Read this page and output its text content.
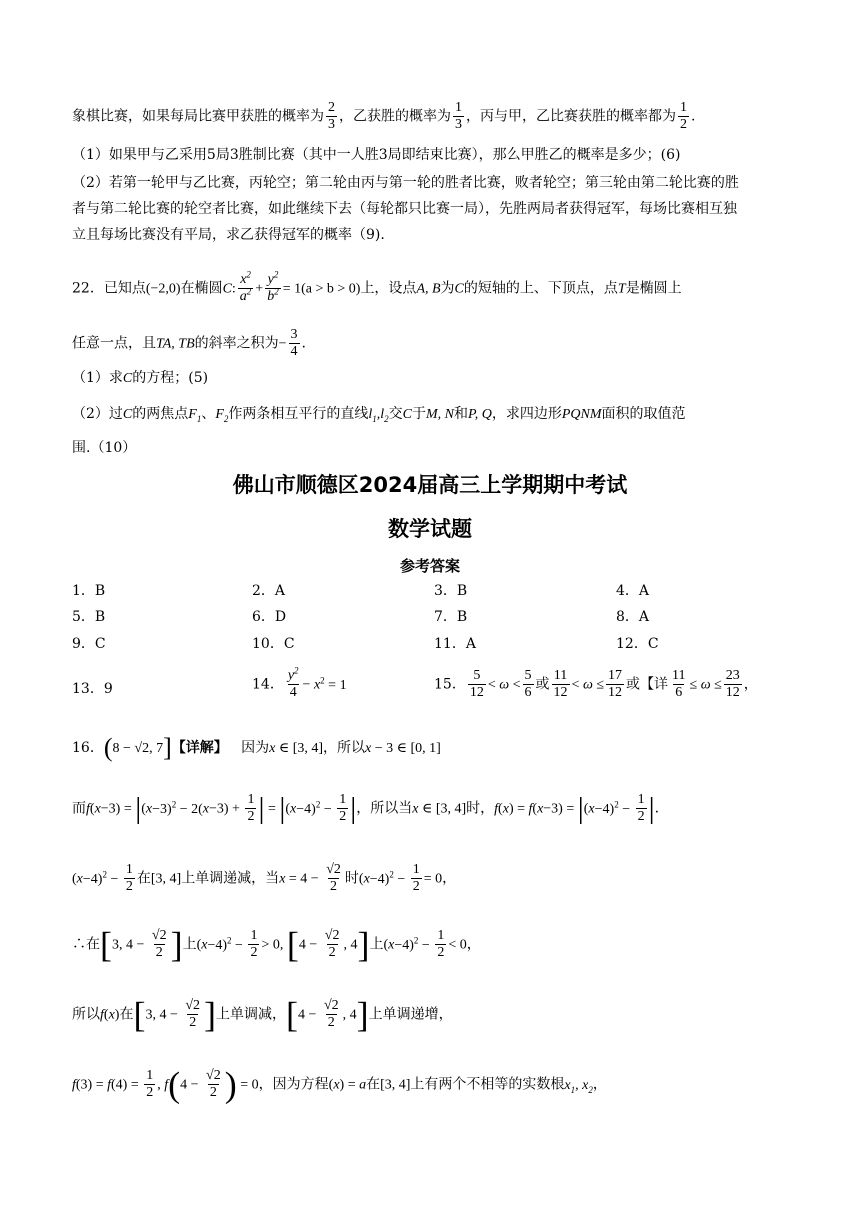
象棋比赛，如果每局比赛甲获胜的概率为 $\frac{2}{3}$ ，乙获胜的概率为 $\frac{1}{3}$ ，丙与甲，乙比赛获胜的概率都为 $\frac{1}{2}$ .
（1）如果甲与乙采用5局3胜制比赛（其中一人胜3局即结束比赛），那么甲胜乙的概率是多少；(6)
（2）若第一轮甲与乙比赛，丙轮空；第二轮由丙与第一轮的胜者比赛，败者轮空；第三轮由第二轮比赛的胜
者与第二轮比赛的轮空者比赛，如此继续下去（每轮都只比赛一局），先胜两局者获得冠军，每场比赛相互独
立且每场比赛没有平局，求乙获得冠军的概率（9).
22．已知点(−2,0)在椭圆C: $\frac{x^2}{a^2} + \frac{y^2}{b^2} = 1(a > b > 0)$上，设点A, B为C的短轴的上、下顶点，点T是椭圆上
任意一点，且TA, TB的斜率之积为− $\frac{3}{4}$ .
（1）求C的方程；(5)
（2）过C的两焦点$F_1$、$F_2$作两条相互平行的直线$l_1,l_2$交C于M, N和P, Q，求四边形PQNM面积的取值范
围.（10）
佛山市顺德区2024届高三上学期期中考试
数学试题
参考答案
1．B	2．A	3．B	4．A
5．B	6．D	7．B	8．A
9．C	10．C	11．A	12．C
13．9	14． $\frac{y^2}{4} - x^2 = 1$	15． $\frac{5}{12} < \omega < \frac{5}{6}$ 或 $\frac{11}{12} < \omega \le \frac{17}{12}$ 或【详 $\frac{11}{6} \le \omega \le \frac{23}{12}$ ，
16．(8 − √2, 7]【详解】 因为x ∈ [3, 4]，所以x − 3 ∈ [0, 1]
而$f(x-3) = |(x-3)^2 - 2(x-3) + \frac{1}{2}$ | = $|(x-4)^2 - \frac{1}{2}$ |，所以当x ∈ [3, 4]时，$f(x) = f(x-3) = |(x-4)^2 - \frac{1}{2}$ |.
$(x-4)^2 - \frac{1}{2}$ 在[3, 4]上单调递减，当$x = 4 - \frac{√2}{2}$ 时$(x-4)^2 - \frac{1}{2} = 0$，
∴在[3, $4 - \frac{√2}{2}$ ]上$(x-4)^2 - \frac{1}{2} > 0$, [$4 - \frac{√2}{2}$ , 4]上$(x-4)^2 - \frac{1}{2} < 0$，
所以f(x)在[3, $4 - \frac{√2}{2}$ ]上单调减，[$4 - \frac{√2}{2}$ , 4]上单调递增，
$f(3) = f(4) = \frac{1}{2}$ , $f(4 - \frac{√2}{2}$ ) = 0，因为方程(x) = a在[3, 4]上有两个不相等的实数根$x_1$, $x_2$，
